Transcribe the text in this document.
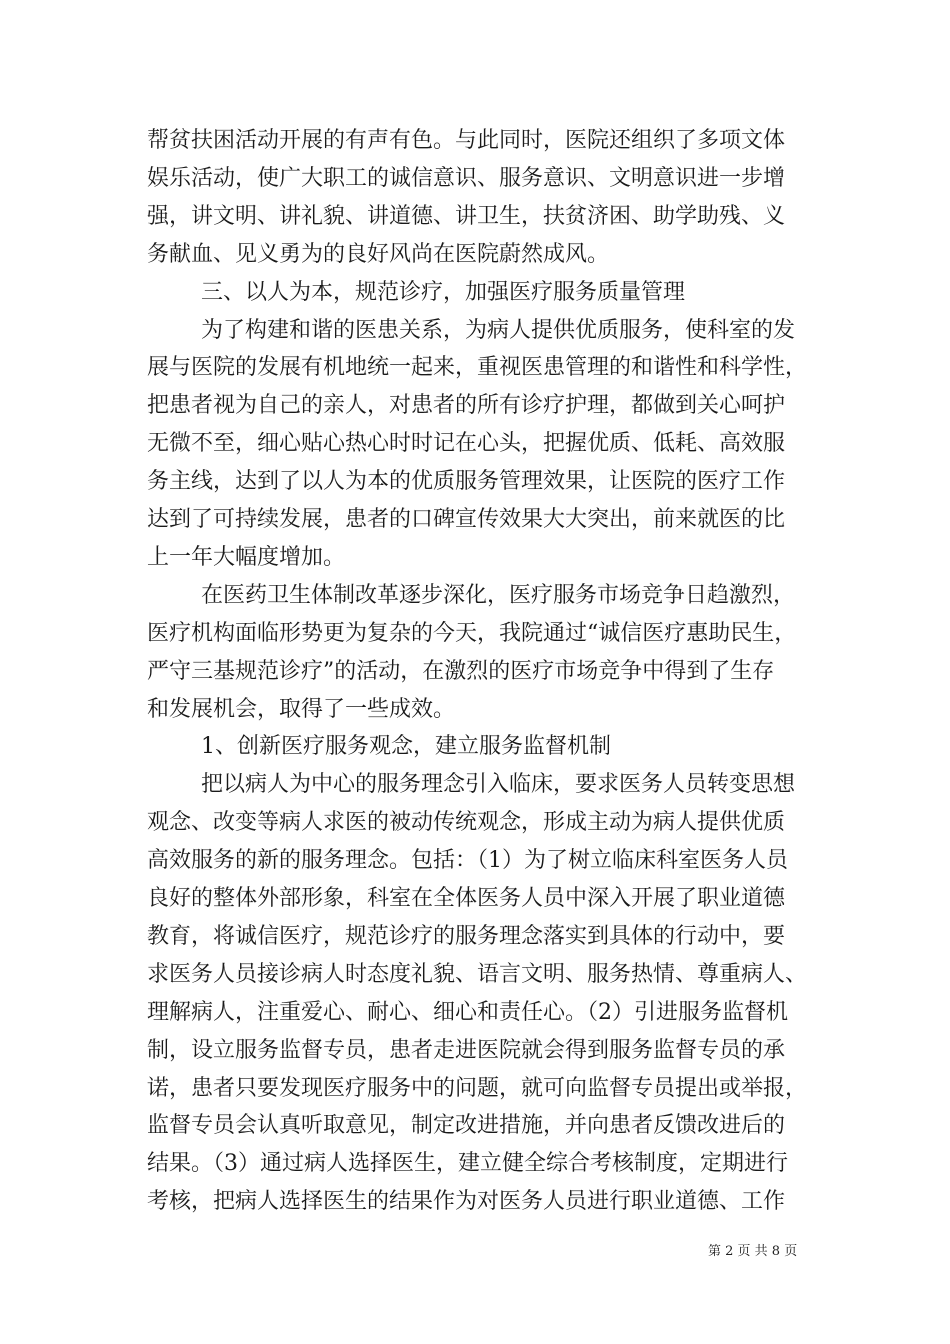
帮贫扶困活动开展的有声有色。与此同时，医院还组织了多项文体
娱乐活动，使广大职工的诚信意识、服务意识、文明意识进一步增
强，讲文明、讲礼貌、讲道德、讲卫生，扶贫济困、助学助残、义
务献血、见义勇为的良好风尚在医院蔚然成风。
三、以人为本，规范诊疗，加强医疗服务质量管理
为了构建和谐的医患关系，为病人提供优质服务，使科室的发
展与医院的发展有机地统一起来，重视医患管理的和谐性和科学性，
把患者视为自己的亲人，对患者的所有诊疗护理，都做到关心呵护
无微不至，细心贴心热心时时记在心头，把握优质、低耗、高效服
务主线，达到了以人为本的优质服务管理效果，让医院的医疗工作
达到了可持续发展，患者的口碑宣传效果大大突出，前来就医的比
上一年大幅度增加。
在医药卫生体制改革逐步深化，医疗服务市场竞争日趋激烈，
医疗机构面临形势更为复杂的今天，我院通过“诚信医疗惠助民生，
严守三基规范诊疗”的活动，在激烈的医疗市场竞争中得到了生存
和发展机会，取得了一些成效。
1、创新医疗服务观念，建立服务监督机制
把以病人为中心的服务理念引入临床，要求医务人员转变思想
观念、改变等病人求医的被动传统观念，形成主动为病人提供优质
高效服务的新的服务理念。包括：（1）为了树立临床科室医务人员
良好的整体外部形象，科室在全体医务人员中深入开展了职业道德
教育，将诚信医疗，规范诊疗的服务理念落实到具体的行动中，要
求医务人员接诊病人时态度礼貌、语言文明、服务热情、尊重病人、
理解病人，注重爱心、耐心、细心和责任心。（2）引进服务监督机
制，设立服务监督专员，患者走进医院就会得到服务监督专员的承
诺，患者只要发现医疗服务中的问题，就可向监督专员提出或举报，
监督专员会认真听取意见，制定改进措施，并向患者反馈改进后的
结果。（3）通过病人选择医生，建立健全综合考核制度，定期进行
考核，把病人选择医生的结果作为对医务人员进行职业道德、工作
第 2 页 共 8 页
